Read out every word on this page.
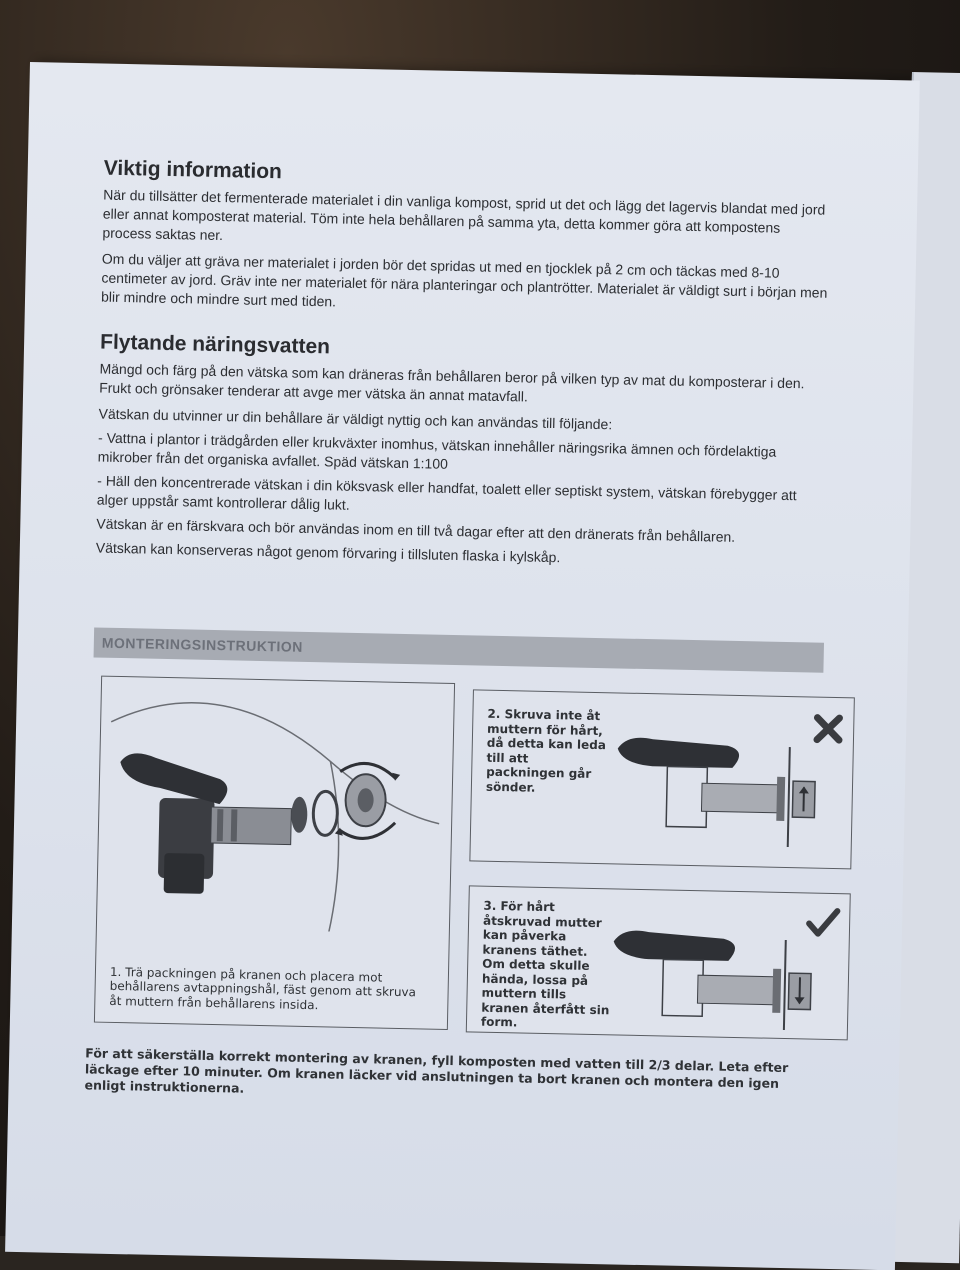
Viktig information

När du tillsätter det fermenterade materialet i din vanliga kompost, sprid ut det och lägg det lagervis blandat med jord eller annat komposterat material. Töm inte hela behållaren på samma yta, detta kommer göra att kompostens process saktas ner.

Om du väljer att gräva ner materialet i jorden bör det spridas ut med en tjocklek på 2 cm och täckas med 8-10 centimeter av jord. Gräv inte ner materialet för nära planteringar och plantrötter. Materialet är väldigt surt i början men blir mindre och mindre surt med tiden.

Flytande näringsvatten

Mängd och färg på den vätska som kan dräneras från behållaren beror på vilken typ av mat du komposterar i den. Frukt och grönsaker tenderar att avge mer vätska än annat matavfall.

Vätskan du utvinner ur din behållare är väldigt nyttig och kan användas till följande:

- Vattna i plantor i trädgården eller krukväxter inomhus, vätskan innehåller näringsrika ämnen och fördelaktiga mikrober från det organiska avfallet. Späd vätskan 1:100

- Häll den koncentrerade vätskan i din köksvask eller handfat, toalett eller septiskt system, vätskan förebygger att alger uppstår samt kontrollerar dålig lukt.

Vätskan är en färskvara och bör användas inom en till två dagar efter att den dränerats från behållaren.

Vätskan kan konserveras något genom förvaring i tillsluten flaska i kylskåp.

MONTERINGSINSTRUKTION
1. Trä packningen på kranen och placera mot behållarens avtappningshål, fäst genom att skruva åt muttern från behållarens insida.
2. Skruva inte åt muttern för hårt, då detta kan leda till att packningen går sönder.
3. För hårt åtskruvad mutter kan påverka kranens täthet. Om detta skulle hända, lossa på muttern tills kranen återfått sin form.
För att säkerställa korrekt montering av kranen, fyll komposten med vatten till 2/3 delar. Leta efter läckage efter 10 minuter. Om kranen läcker vid anslutningen ta bort kranen och montera den igen enligt instruktionerna.
